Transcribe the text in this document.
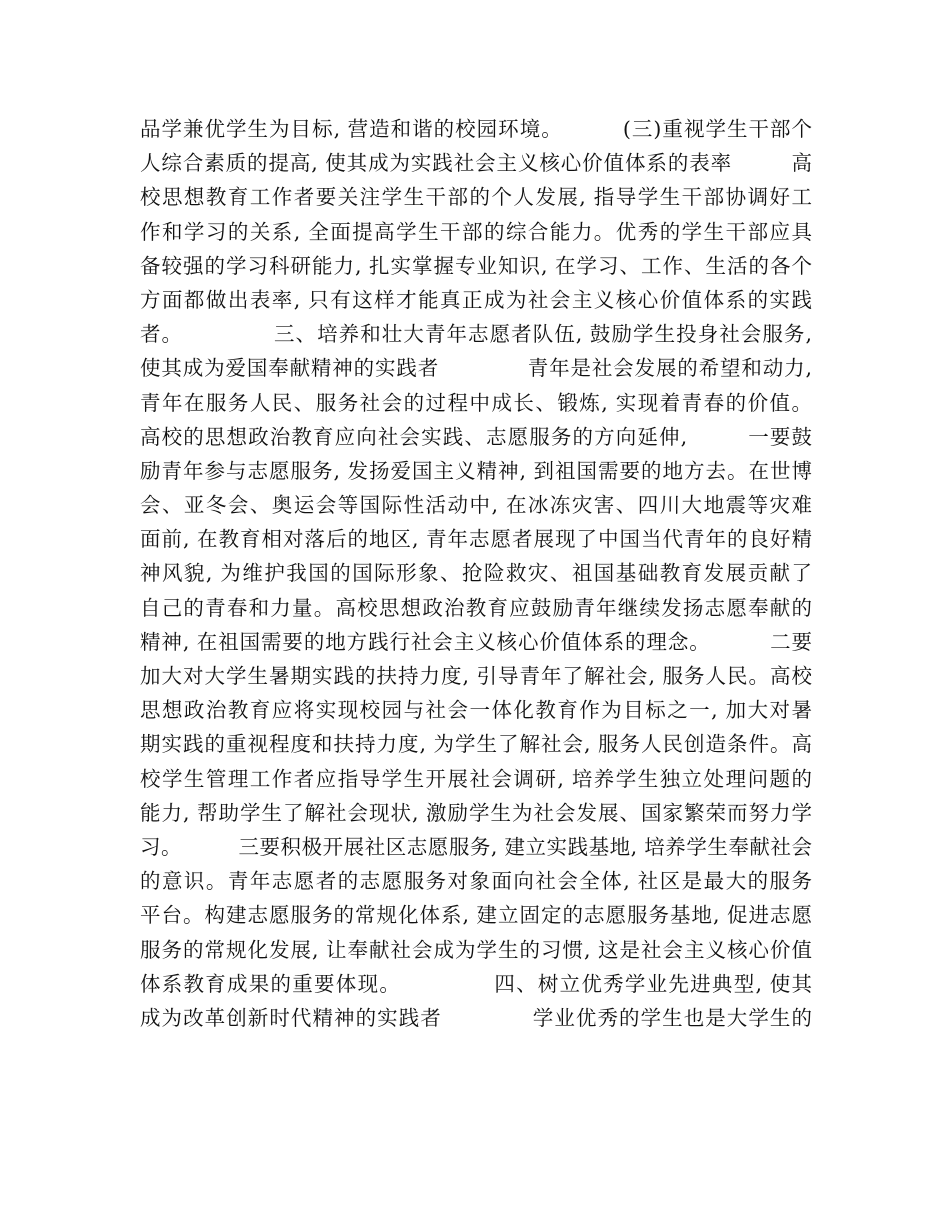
品学兼优学生为目标, 营造和谐的校园环境。        (三)重视学生干部个
人综合素质的提高, 使其成为实践社会主义核心价值体系的表率        高
校思想教育工作者要关注学生干部的个人发展, 指导学生干部协调好工
作和学习的关系, 全面提高学生干部的综合能力。优秀的学生干部应具
备较强的学习科研能力, 扎实掌握专业知识, 在学习、工作、生活的各个
方面都做出表率, 只有这样才能真正成为社会主义核心价值体系的实践
者。            三、培养和壮大青年志愿者队伍, 鼓励学生投身社会服务,
使其成为爱国奉献精神的实践者            青年是社会发展的希望和动力,
青年在服务人民、服务社会的过程中成长、锻炼, 实现着青春的价值。
高校的思想政治教育应向社会实践、志愿服务的方向延伸,        一要鼓
励青年参与志愿服务, 发扬爱国主义精神, 到祖国需要的地方去。在世博
会、亚冬会、奥运会等国际性活动中, 在冰冻灾害、四川大地震等灾难
面前, 在教育相对落后的地区, 青年志愿者展现了中国当代青年的良好精
神风貌, 为维护我国的国际形象、抢险救灾、祖国基础教育发展贡献了
自己的青春和力量。高校思想政治教育应鼓励青年继续发扬志愿奉献的
精神, 在祖国需要的地方践行社会主义核心价值体系的理念。        二要
加大对大学生暑期实践的扶持力度, 引导青年了解社会, 服务人民。高校
思想政治教育应将实现校园与社会一体化教育作为目标之一, 加大对暑
期实践的重视程度和扶持力度, 为学生了解社会, 服务人民创造条件。高
校学生管理工作者应指导学生开展社会调研, 培养学生独立处理问题的
能力, 帮助学生了解社会现状, 激励学生为社会发展、国家繁荣而努力学
习。        三要积极开展社区志愿服务, 建立实践基地, 培养学生奉献社会
的意识。青年志愿者的志愿服务对象面向社会全体, 社区是最大的服务
平台。构建志愿服务的常规化体系, 建立固定的志愿服务基地, 促进志愿
服务的常规化发展, 让奉献社会成为学生的习惯, 这是社会主义核心价值
体系教育成果的重要体现。            四、树立优秀学业先进典型, 使其
成为改革创新时代精神的实践者            学业优秀的学生也是大学生的
